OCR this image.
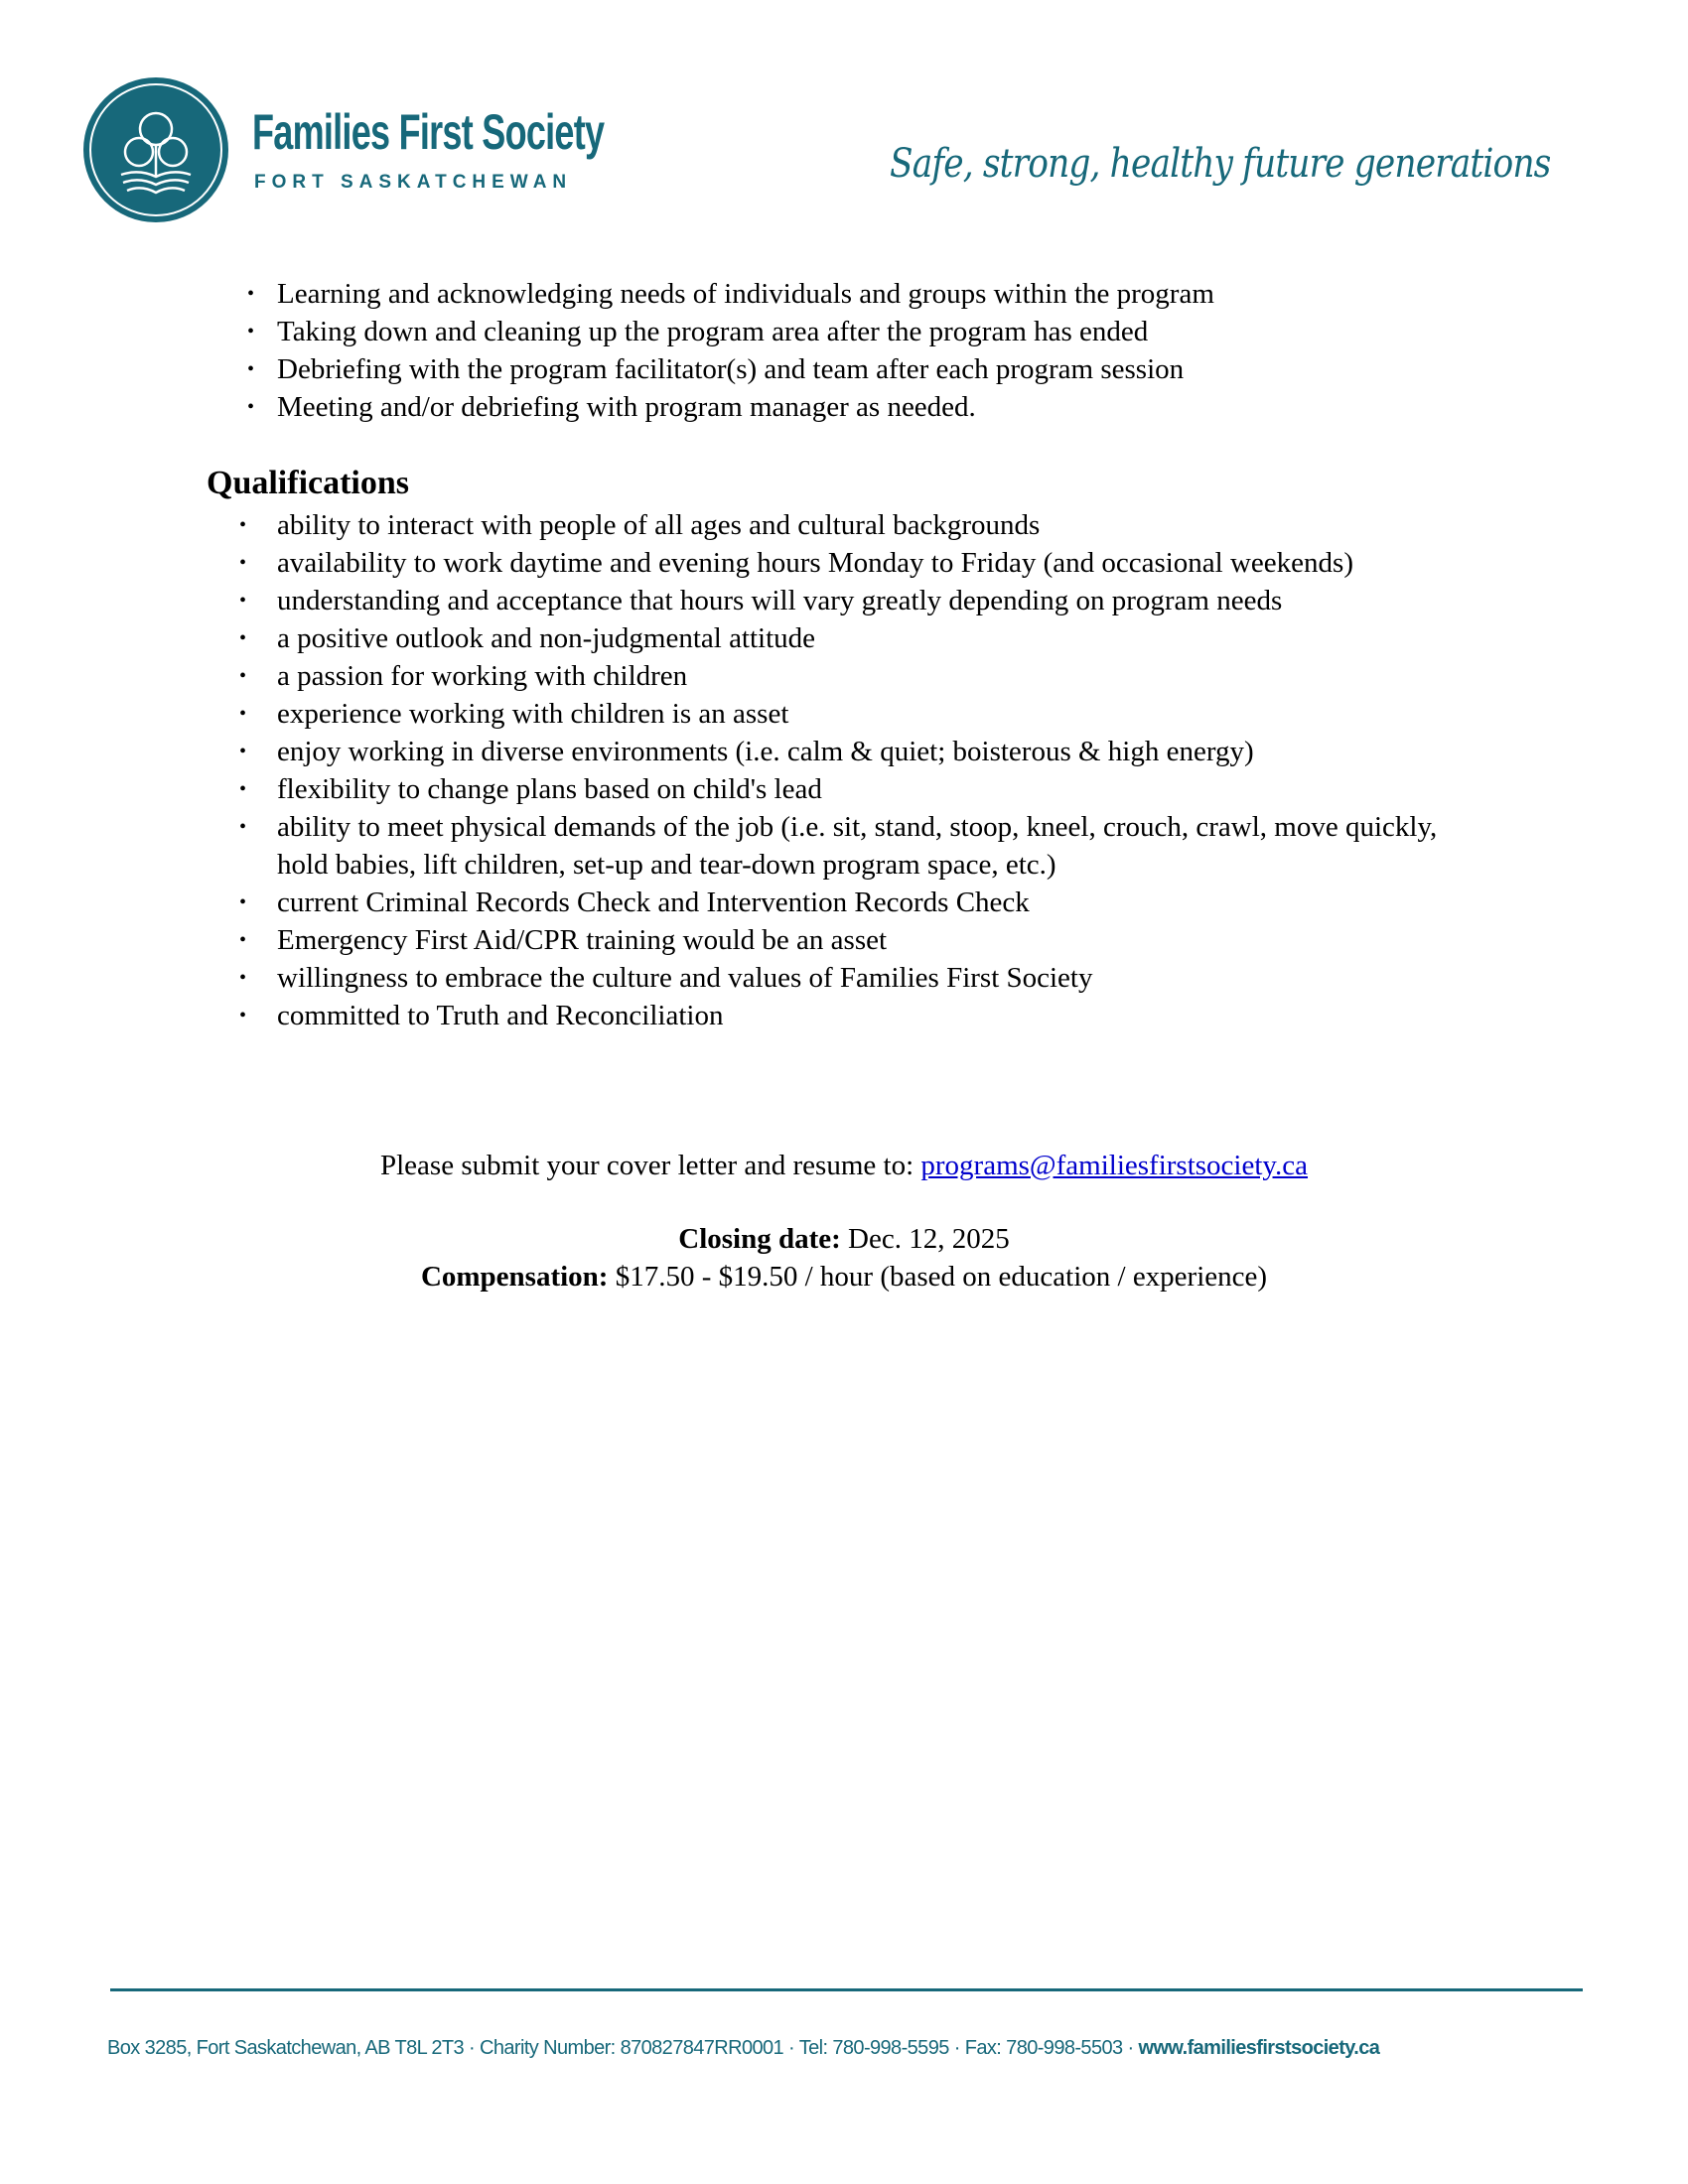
Families First Society
FORT SASKATCHEWAN	Safe, strong, healthy future generations
• Learning and acknowledging needs of individuals and groups within the program
• Taking down and cleaning up the program area after the program has ended
• Debriefing with the program facilitator(s) and team after each program session
• Meeting and/or debriefing with program manager as needed.
Qualifications
• ability to interact with people of all ages and cultural backgrounds
• availability to work daytime and evening hours Monday to Friday (and occasional weekends)
• understanding and acceptance that hours will vary greatly depending on program needs
• a positive outlook and non-judgmental attitude
• a passion for working with children
• experience working with children is an asset
• enjoy working in diverse environments (i.e. calm & quiet; boisterous & high energy)
• flexibility to change plans based on child's lead
• ability to meet physical demands of the job (i.e. sit, stand, stoop, kneel, crouch, crawl, move quickly, hold babies, lift children, set-up and tear-down program space, etc.)
• current Criminal Records Check and Intervention Records Check
• Emergency First Aid/CPR training would be an asset
• willingness to embrace the culture and values of Families First Society
• committed to Truth and Reconciliation
Please submit your cover letter and resume to: programs@familiesfirstsociety.ca
Closing date: Dec. 12, 2025
Compensation: $17.50 - $19.50 / hour (based on education / experience)
Box 3285, Fort Saskatchewan, AB T8L 2T3 · Charity Number: 870827847RR0001 · Tel: 780-998-5595 · Fax: 780-998-5503 · www.familiesfirstsociety.ca
